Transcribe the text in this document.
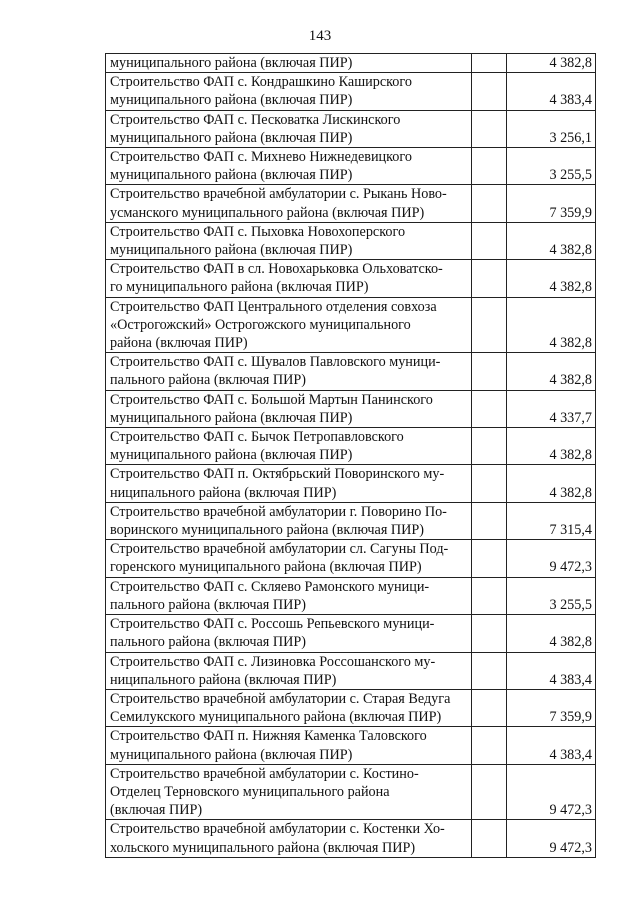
143
муниципального района (включая ПИР)		4 382,8

Строительство ФАП с. Кондрашкино Каширского
муниципального района (включая ПИР)		4 383,4

Строительство ФАП с. Песковатка Лискинского
муниципального района (включая ПИР)		3 256,1

Строительство ФАП с. Михнево Нижнедевицкого
муниципального района (включая ПИР)		3 255,5

Строительство врачебной амбулатории с. Рыкань Ново-
усманского муниципального района (включая ПИР)		7 359,9

Строительство ФАП с. Пыховка Новохоперского
муниципального района (включая ПИР)		4 382,8

Строительство ФАП в сл. Новохарьковка Ольховатско-
го муниципального района (включая ПИР)		4 382,8

Строительство ФАП Центрального отделения совхоза
«Острогожский» Острогожского муниципального
района (включая ПИР)		4 382,8

Строительство ФАП с. Шувалов Павловского муници-
пального района (включая ПИР)		4 382,8

Строительство ФАП с. Большой Мартын Панинского
муниципального района (включая ПИР)		4 337,7

Строительство ФАП с. Бычок Петропавловского
муниципального района (включая ПИР)		4 382,8

Строительство ФАП п. Октябрьский Поворинского му-
ниципального района (включая ПИР)		4 382,8

Строительство врачебной амбулатории г. Поворино По-
воринского муниципального района (включая ПИР)		7 315,4

Строительство врачебной амбулатории сл. Сагуны Под-
горенского муниципального района (включая ПИР)		9 472,3

Строительство ФАП с. Скляево Рамонского муници-
пального района (включая ПИР)		3 255,5

Строительство ФАП с. Россошь Репьевского муници-
пального района (включая ПИР)		4 382,8

Строительство ФАП с. Лизиновка Россошанского му-
ниципального района (включая ПИР)		4 383,4

Строительство врачебной амбулатории с. Старая Ведуга
Семилукского муниципального района (включая ПИР)		7 359,9

Строительство ФАП п. Нижняя Каменка Таловского
муниципального района (включая ПИР)		4 383,4

Строительство врачебной амбулатории с. Костино-
Отделец Терновского муниципального района
(включая ПИР)		9 472,3

Строительство врачебной амбулатории с. Костенки Хо-
хольского муниципального района (включая ПИР)		9 472,3
